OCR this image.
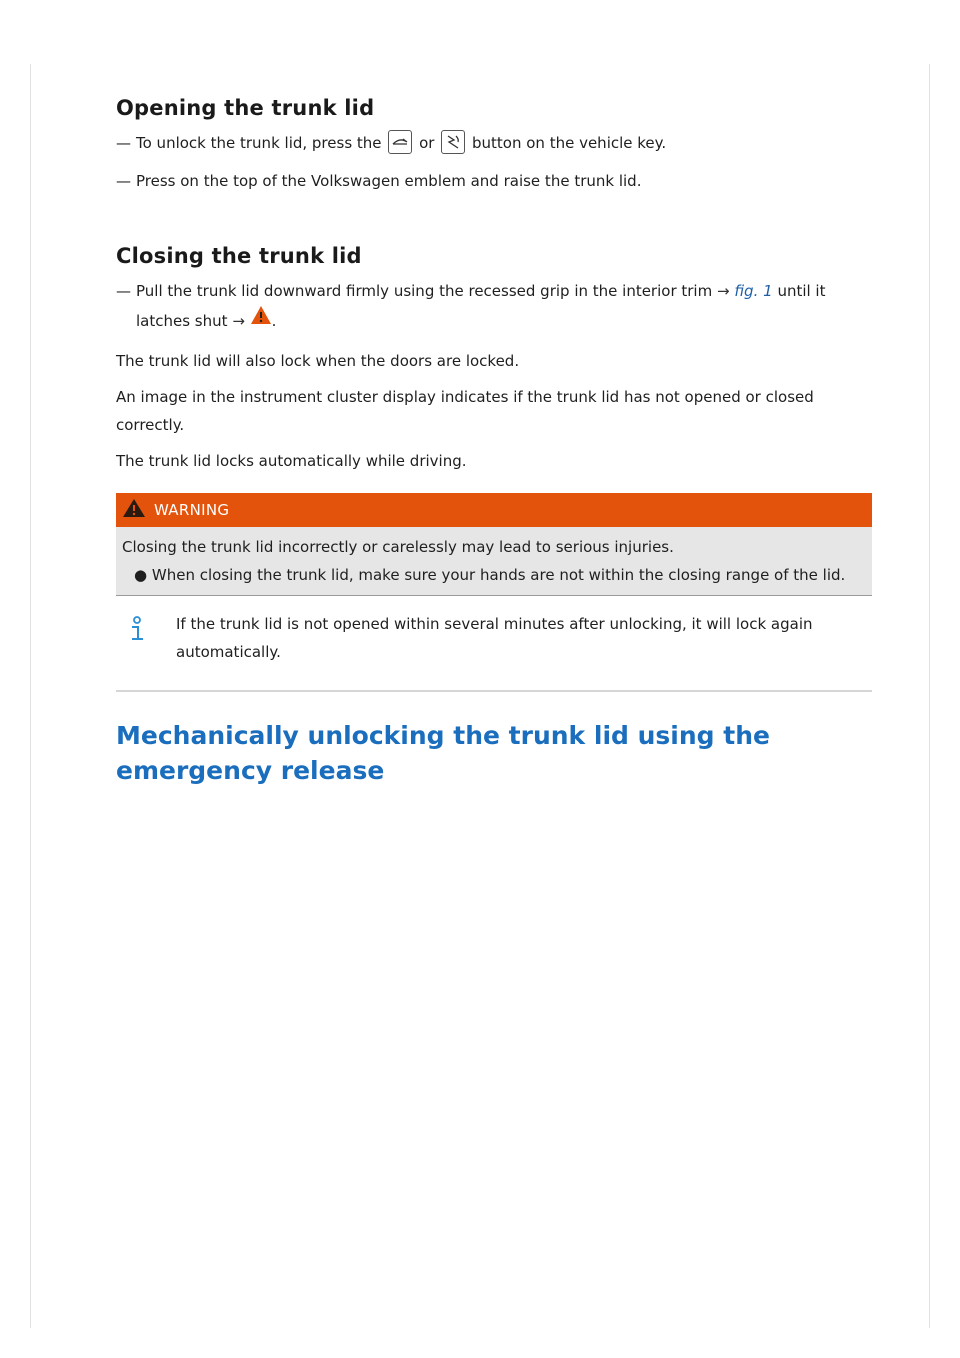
Opening the trunk lid
— To unlock the trunk lid, press the	or	button on the vehicle key.
— Press on the top of the Volkswagen emblem and raise the trunk lid.
Closing the trunk lid
— Pull the trunk lid downward firmly using the recessed grip in the interior trim → fig. 1 until it
latches shut → .

The trunk lid will also lock when the doors are locked.

An image in the instrument cluster display indicates if the trunk lid has not opened or closed correctly.

The trunk lid locks automatically while driving.

WARNING
Closing the trunk lid incorrectly or carelessly may lead to serious injuries.
● When closing the trunk lid, make sure your hands are not within the closing range of the lid.
If the trunk lid is not opened within several minutes after unlocking, it will lock again automatically.
Mechanically unlocking the trunk lid using the emergency release
